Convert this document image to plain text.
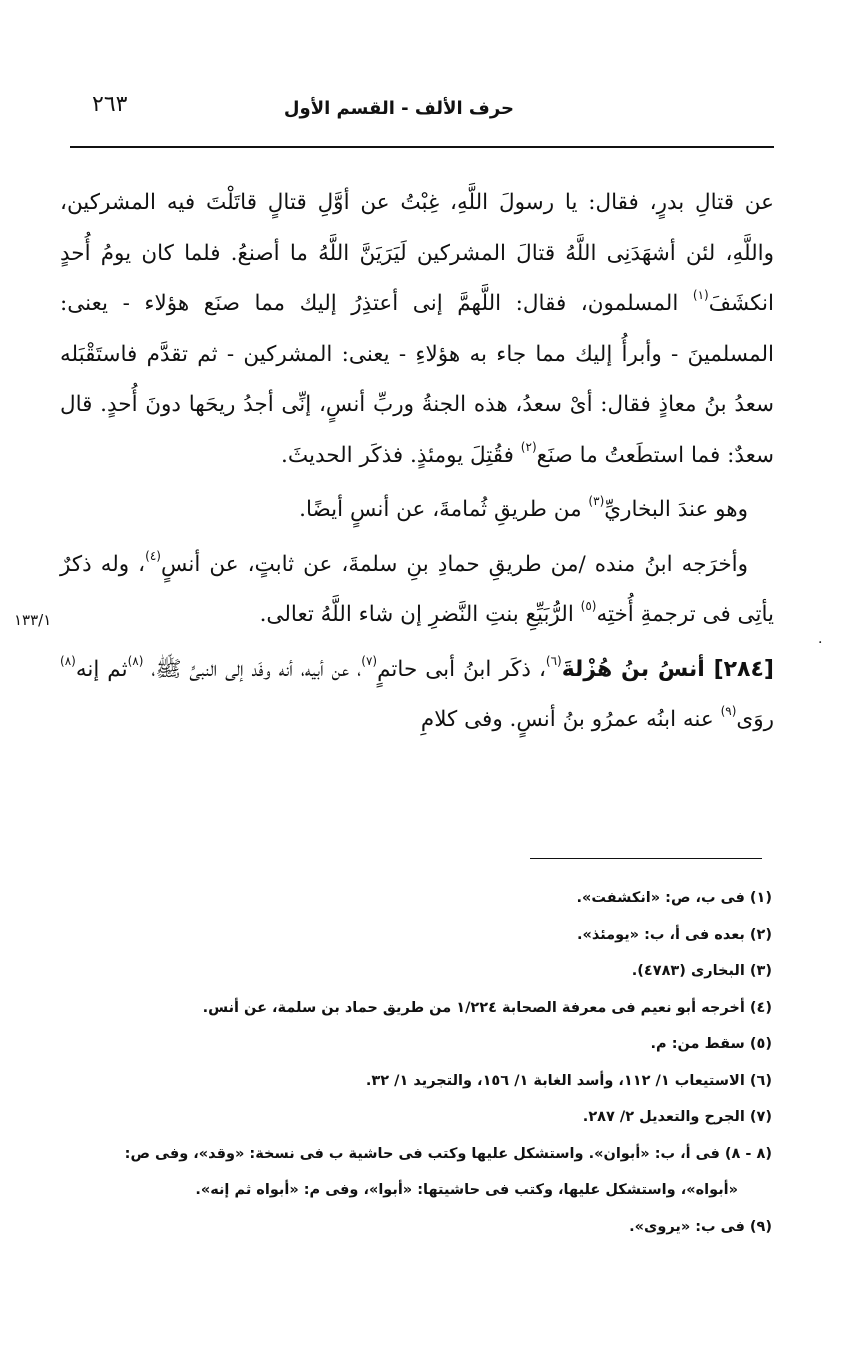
حرف الألف - القسم الأول
٢٦٣

عن قتالِ بدرٍ، فقال: يا رسولَ اللَّهِ، غِبْتُ عن أوَّلِ قتالٍ قاتَلْتَ فيه المشركين، واللَّهِ، لئن أشهَدَنِى اللَّهُ قتالَ المشركين لَيَرَيَنَّ اللَّهُ ما أصنعُ. فلما كان يومُ أُحدٍ انكشَفَ$^{(١)}$ المسلمون، فقال: اللَّهمَّ إنى أعتذِرُ إليك مما صنَع هؤلاء - يعنى: المسلمينَ - وأبرأُ إليك مما جاء به هؤلاءِ - يعنى: المشركين - ثم تقدَّم فاستَقْبَله سعدُ بنُ معاذٍ فقال: أىْ سعدُ، هذه الجنةُ وربِّ أنسٍ، إنِّى أجدُ ريحَها دونَ أُحدٍ. قال سعدٌ: فما استطَعتُ ما صنَع$^{(٢)}$ فقُتِلَ يومئذٍ. فذكَر الحديثَ.

وهو عندَ البخاريِّ$^{(٣)}$ من طريقِ ثُمامةَ، عن أنسٍ أيضًا.

وأخرَجه ابنُ منده /من طريقِ حمادِ بنِ سلمةَ، عن ثابتٍ، عن أنسٍ$^{(٤)}$، وله ذكرٌ يأتِى فى ترجمةِ أُختِه$^{(٥)}$ الرُّبَيِّعِ بنتِ النَّضرِ إن شاء اللَّهُ تعالى.

[٢٨٤] أنسُ بنُ هُزْلةَ$^{(٦)}$، ذكَر ابنُ أبى حاتمٍ$^{(٧)}$، عن أبيه، أنه وفَد إلى النبىِّ ﷺ، $^{(٨)}$ثم إنه$^{(٨)}$ روَى$^{(٩)}$ عنه ابنُه عمرُو بنُ أنسٍ. وفى كلامِ

١٣٣/١
·
(١) فى ب، ص: «انكشفت».
(٢) بعده فى أ، ب: «يومئذ».
(٣) البخارى (٤٧٨٣).
(٤) أخرجه أبو نعيم فى معرفة الصحابة ١/٢٢٤ من طريق حماد بن سلمة، عن أنس.
(٥) سقط من: م.
(٦) الاستيعاب ١/ ١١٢، وأسد الغابة ١/ ١٥٦، والتجريد ١/ ٣٢.
(٧) الجرح والتعديل ٢/ ٢٨٧.
(٨ - ٨) فى أ، ب: «أبوان». واستشكل عليها وكتب فى حاشية ب فى نسخة: «وقد»، وفى ص:
«أبواه»، واستشكل عليها، وكتب فى حاشيتها: «أبوا»، وفى م: «أبواه ثم إنه».
(٩) فى ب: «يروى».
